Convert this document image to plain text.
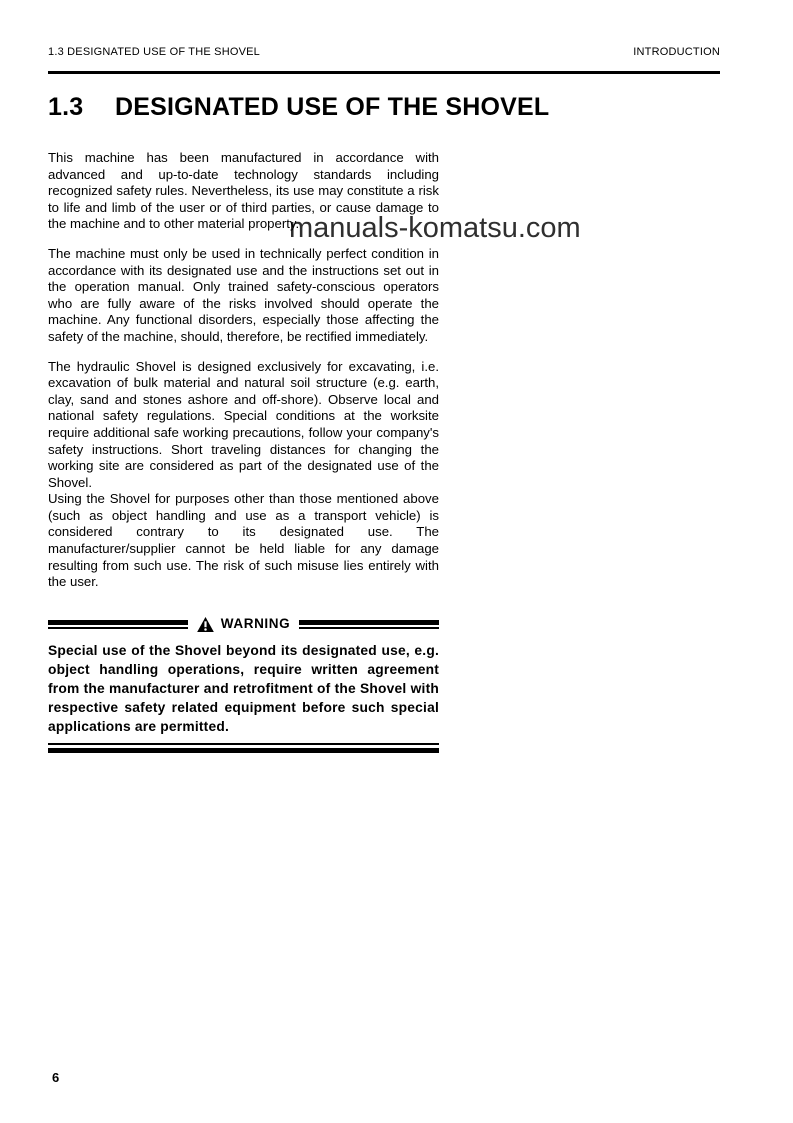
1.3 DESIGNATED USE OF THE SHOVEL	INTRODUCTION
1.3 DESIGNATED USE OF THE SHOVEL
manuals-komatsu.com

This machine has been manufactured in accordance with advanced and up-to-date technology standards including recognized safety rules. Nevertheless, its use may constitute a risk to life and limb of the user or of third parties, or cause damage to the machine and to other material property.

The machine must only be used in technically perfect condition in accordance with its designated use and the instructions set out in the operation manual. Only trained safety-conscious operators who are fully aware of the risks involved should operate the machine. Any functional disorders, especially those affecting the safety of the machine, should, therefore, be rectified immediately.

The hydraulic Shovel is designed exclusively for excavating, i.e. excavation of bulk material and natural soil structure (e.g. earth, clay, sand and stones ashore and off-shore). Observe local and national safety regulations. Special conditions at the worksite require additional safe working precautions, follow your company's safety instructions. Short traveling distances for changing the working site are considered as part of the designated use of the Shovel.

Using the Shovel for purposes other than those mentioned above (such as object handling and use as a transport vehicle) is considered contrary to its designated use. The manufacturer/supplier cannot be held liable for any damage resulting from such use. The risk of such misuse lies entirely with the user.

WARNING

Special use of the Shovel beyond its designated use, e.g. object handling operations, require written agreement from the manufacturer and retrofitment of the Shovel with respective safety related equipment before such special applications are permitted.

6
